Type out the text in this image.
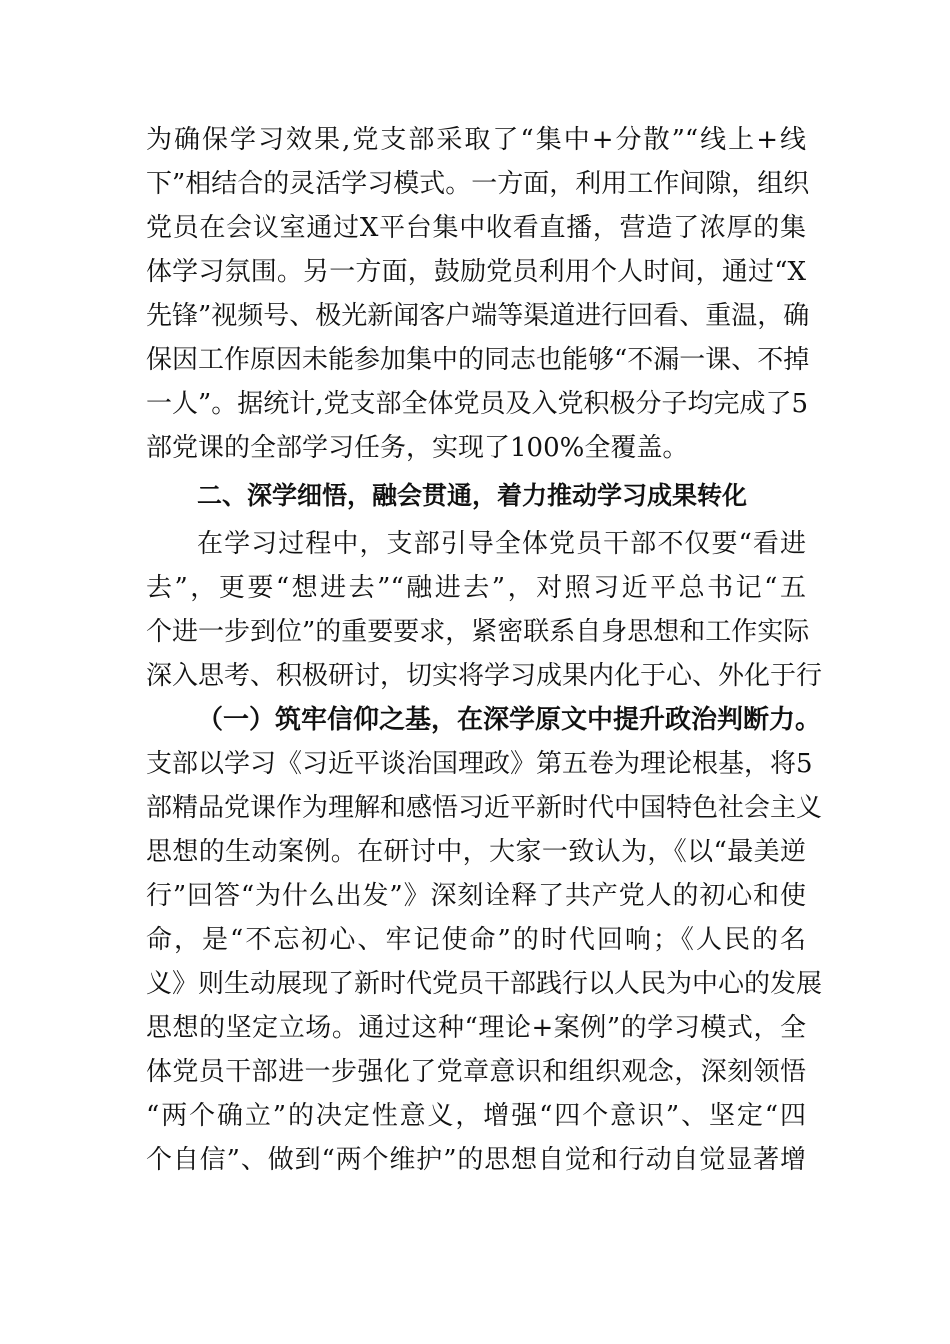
为确保学习效果,党支部采取了“集中+分散”“线上+线
下”相结合的灵活学习模式。一方面，利用工作间隙，组织
党员在会议室通过X平台集中收看直播，营造了浓厚的集
体学习氛围。另一方面，鼓励党员利用个人时间，通过“X
先锋”视频号、极光新闻客户端等渠道进行回看、重温，确
保因工作原因未能参加集中的同志也能够“不漏一课、不掉
一人”。据统计,党支部全体党员及入党积极分子均完成了5
部党课的全部学习任务，实现了100%全覆盖。
二、深学细悟，融会贯通，着力推动学习成果转化
在学习过程中，支部引导全体党员干部不仅要“看进
去”，更要“想进去”“融进去”，对照习近平总书记“五
个进一步到位”的重要要求，紧密联系自身思想和工作实际
深入思考、积极研讨，切实将学习成果内化于心、外化于行
（一）筑牢信仰之基，在深学原文中提升政治判断力。
支部以学习《习近平谈治国理政》第五卷为理论根基，将5
部精品党课作为理解和感悟习近平新时代中国特色社会主义
思想的生动案例。在研讨中，大家一致认为，《以“最美逆
行”回答“为什么出发”》深刻诠释了共产党人的初心和使
命，是“不忘初心、牢记使命”的时代回响；《人民的名
义》则生动展现了新时代党员干部践行以人民为中心的发展
思想的坚定立场。通过这种“理论+案例”的学习模式，全
体党员干部进一步强化了党章意识和组织观念，深刻领悟
“两个确立”的决定性意义，增强“四个意识”、坚定“四
个自信”、做到“两个维护”的思想自觉和行动自觉显著增
